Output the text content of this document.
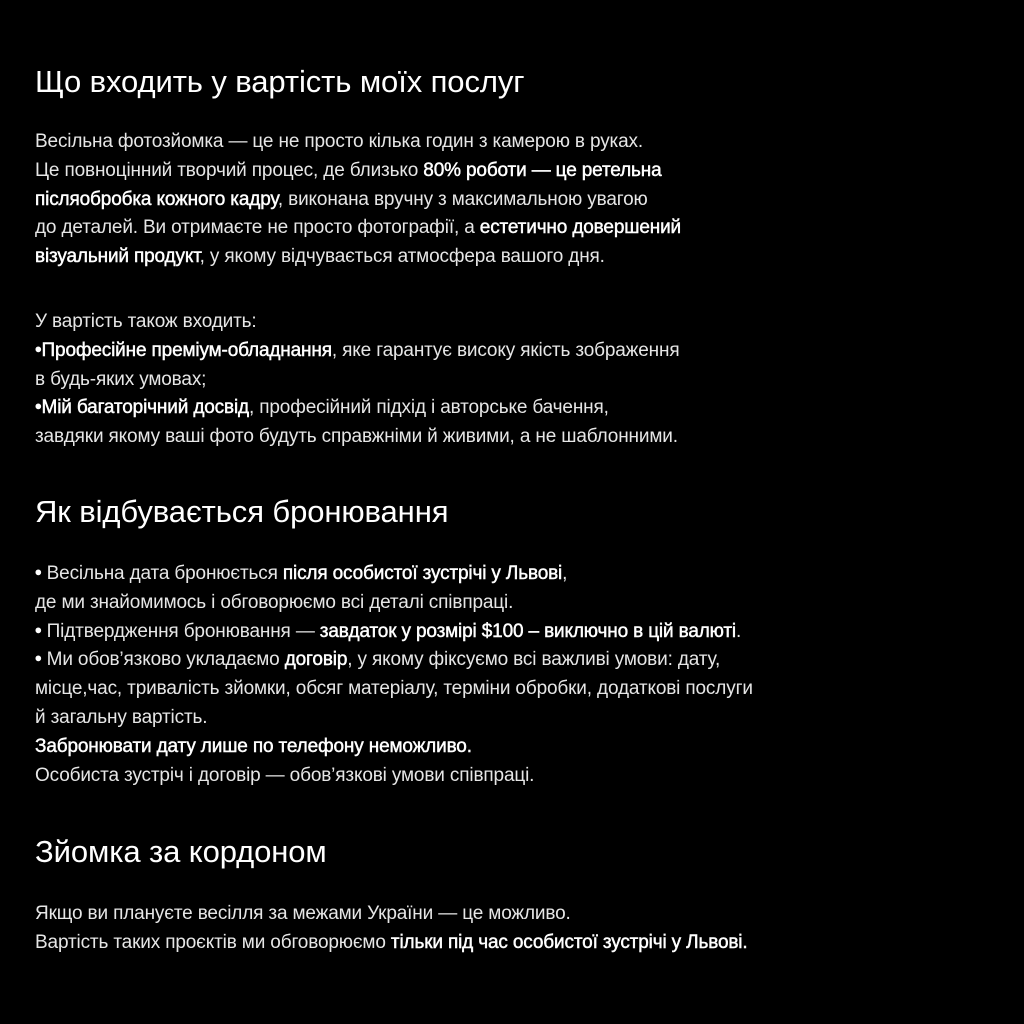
Що входить у вартість моїх послуг
Весільна фотозйомка — це не просто кілька годин з камерою в руках.
Це повноцінний творчий процес, де близько 80% роботи — це ретельна
післяобробка кожного кадру, виконана вручну з максимальною увагою
до деталей. Ви отримаєте не просто фотографії, а естетично довершений
візуальний продукт, у якому відчувається атмосфера вашого дня.
У вартість також входить:
•Професійне преміум-обладнання, яке гарантує високу якість зображення
в будь-яких умовах;
•Мій багаторічний досвід, професійний підхід і авторське бачення,
завдяки якому ваші фото будуть справжніми й живими, а не шаблонними.
Як відбувається бронювання
• Весільна дата бронюється після особистої зустрічі у Львові,
де ми знайомимось і обговорюємо всі деталі співпраці.
• Підтвердження бронювання — завдаток у розмірі $100 – виключно в цій валюті.
• Ми обов’язково укладаємо договір, у якому фіксуємо всі важливі умови: дату,
місце,час, тривалість зйомки, обсяг матеріалу, терміни обробки, додаткові послуги
й загальну вартість.
Забронювати дату лише по телефону неможливо.
Особиста зустріч і договір — обов’язкові умови співпраці.
Зйомка за кордоном
Якщо ви плануєте весілля за межами України — це можливо.
Вартість таких проєктів ми обговорюємо тільки під час особистої зустрічі у Львові.
